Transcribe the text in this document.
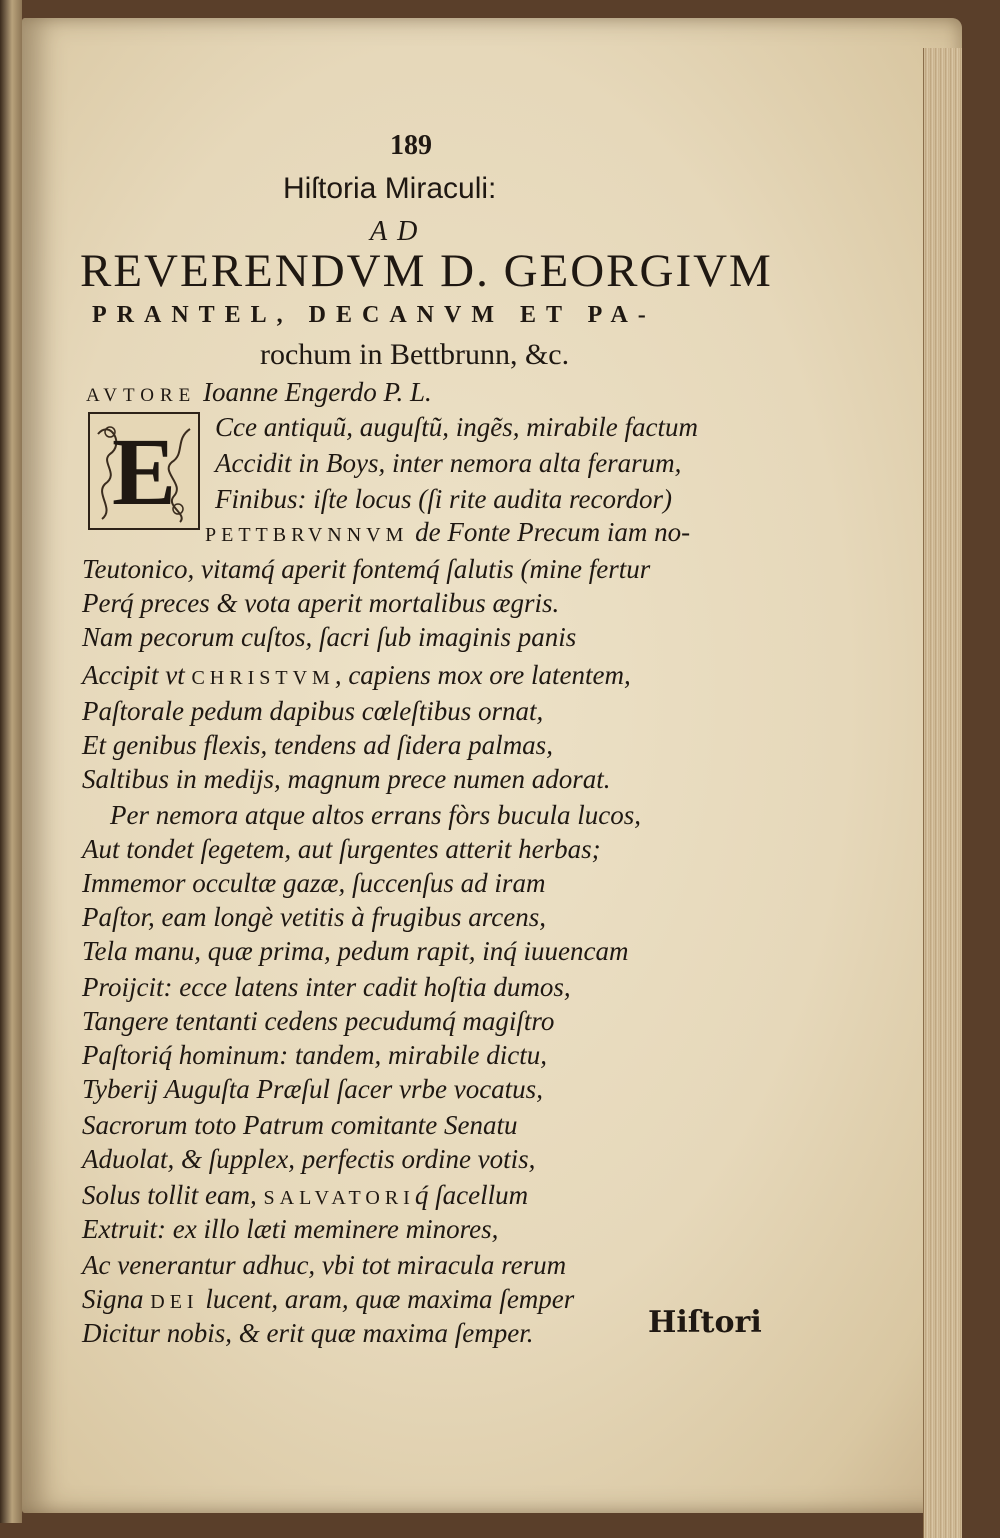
189
Hiſtoria Miraculi:
AD
REVERENDVM D. GEORGIVM
PRANTEL, DECANVM ET PA-
rochum in Bettbrunn, &c.
AVTORE Ioanne Engerdo P. L.
E	Cce antiquũ, auguſtũ, ingẽs, mirabile factum
Accidit in Boys, inter nemora alta ferarum,
Finibus: iſte locus (ſi rite audita recordor)
PETTBRVNNVM de Fonte Precum iam no-
Teutonico, vitamq́ aperit fontemq́ ſalutis (mine fertur
Perq́ preces & vota aperit mortalibus ægris.
Nam pecorum cuſtos, ſacri ſub imaginis panis
Accipit vt CHRISTVM, capiens mox ore latentem,
Paſtorale pedum dapibus cœleſtibus ornat,
Et genibus flexis, tendens ad ſidera palmas,
Saltibus in medijs, magnum prece numen adorat.
Per nemora atque altos errans fòrs bucula lucos,
Aut tondet ſegetem, aut ſurgentes atterit herbas;
Immemor occultæ gazæ, ſuccenſus ad iram
Paſtor, eam longè vetitis à frugibus arcens,
Tela manu, quæ prima, pedum rapit, inq́ iuuencam
Proijcit: ecce latens inter cadit hoſtia dumos,
Tangere tentanti cedens pecudumq́ magiſtro
Paſtoriq́ hominum: tandem, mirabile dictu,
Tyberij Auguſta Præſul ſacer vrbe vocatus,
Sacrorum toto Patrum comitante Senatu
Aduolat, & ſupplex, perfectis ordine votis,
Solus tollit eam, SALVATORIq́ ſacellum
Extruit: ex illo læti meminere minores,
Ac venerantur adhuc, vbi tot miracula rerum
Signa DEI lucent, aram, quæ maxima ſemper
Dicitur nobis, & erit quæ maxima ſemper.	Hiſtori
